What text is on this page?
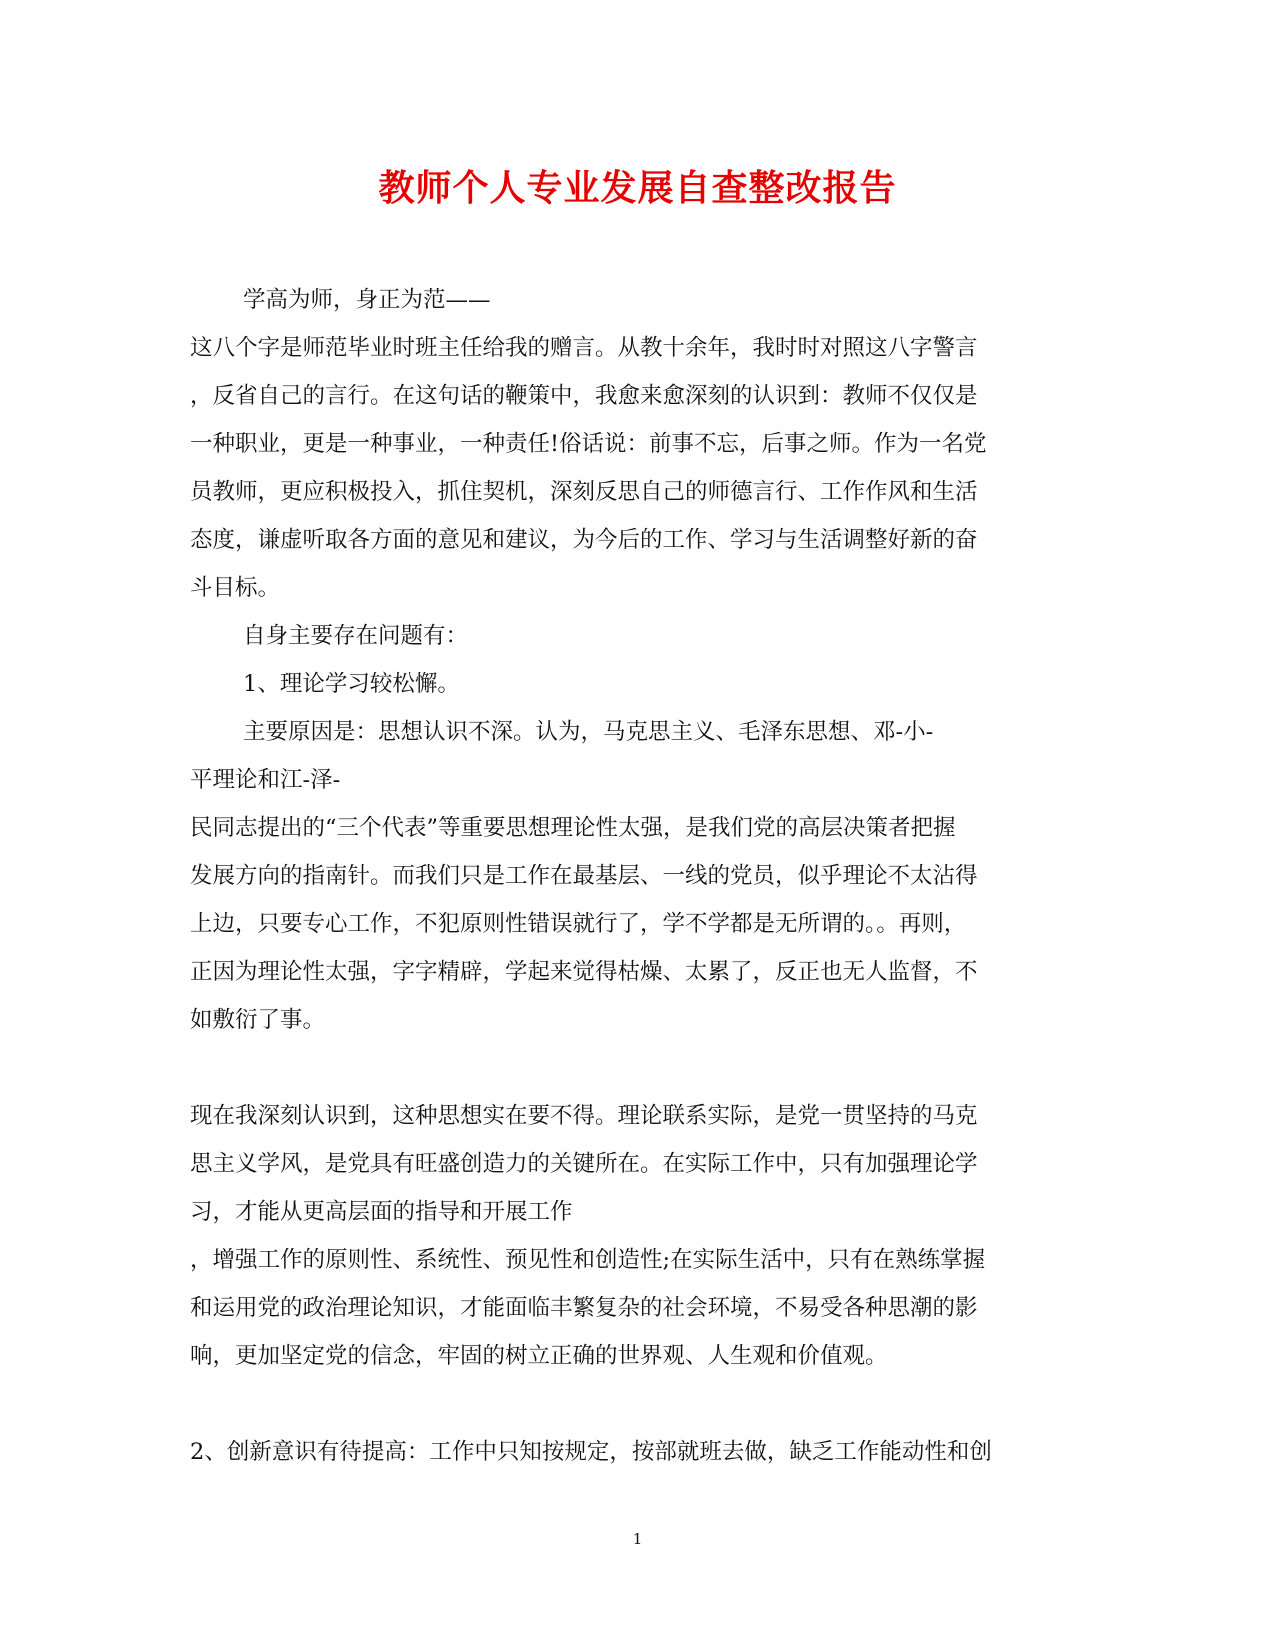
教师个人专业发展自查整改报告
学高为师，身正为范——
这八个字是师范毕业时班主任给我的赠言。从教十余年，我时时对照这八字警言
，反省自己的言行。在这句话的鞭策中，我愈来愈深刻的认识到：教师不仅仅是
一种职业，更是一种事业，一种责任!俗话说：前事不忘，后事之师。作为一名党
员教师，更应积极投入，抓住契机，深刻反思自己的师德言行、工作作风和生活
态度，谦虚听取各方面的意见和建议，为今后的工作、学习与生活调整好新的奋
斗目标。
自身主要存在问题有：
1、理论学习较松懈。
主要原因是：思想认识不深。认为，马克思主义、毛泽东思想、邓-小-
平理论和江-泽-
民同志提出的“三个代表”等重要思想理论性太强，是我们党的高层决策者把握
发展方向的指南针。而我们只是工作在最基层、一线的党员，似乎理论不太沾得
上边，只要专心工作，不犯原则性错误就行了，学不学都是无所谓的。。再则，
正因为理论性太强，字字精辟，学起来觉得枯燥、太累了，反正也无人监督，不
如敷衍了事。
现在我深刻认识到，这种思想实在要不得。理论联系实际，是党一贯坚持的马克
思主义学风，是党具有旺盛创造力的关键所在。在实际工作中，只有加强理论学
习，才能从更高层面的指导和开展工作
，增强工作的原则性、系统性、预见性和创造性;在实际生活中，只有在熟练掌握
和运用党的政治理论知识，才能面临丰繁复杂的社会环境，不易受各种思潮的影
响，更加坚定党的信念，牢固的树立正确的世界观、人生观和价值观。
2、创新意识有待提高：工作中只知按规定，按部就班去做，缺乏工作能动性和创
1
